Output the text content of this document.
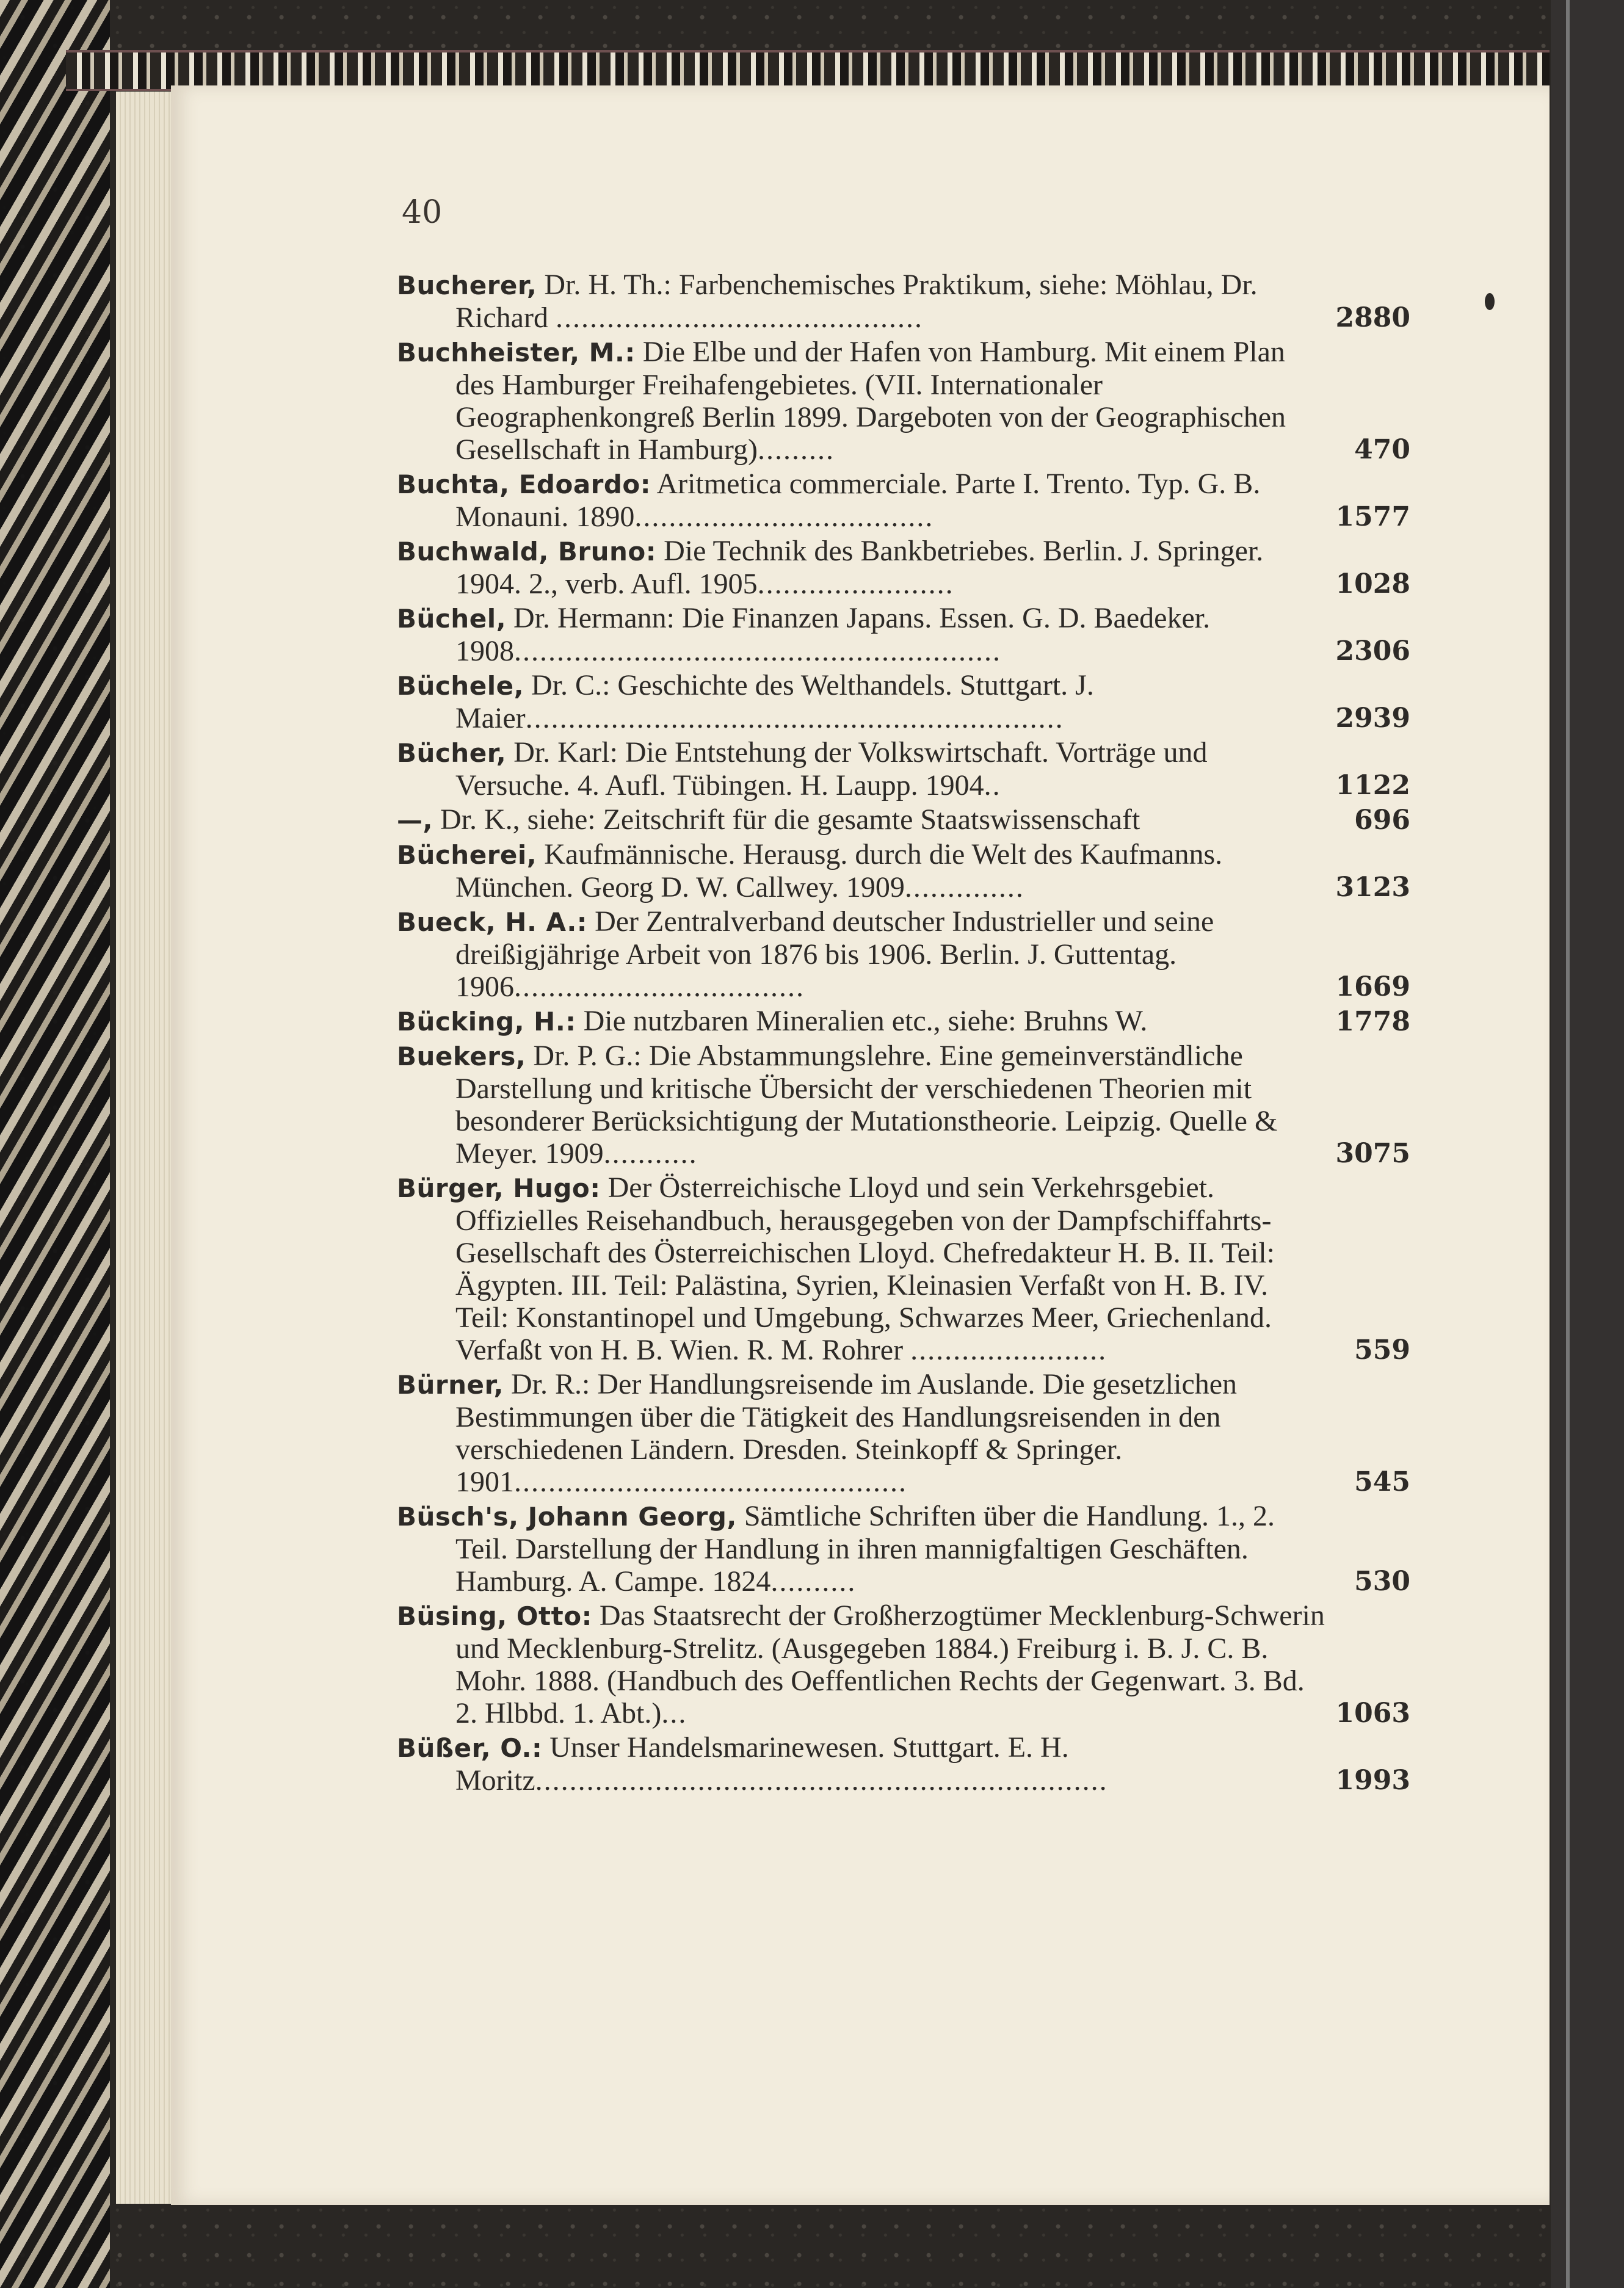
40
Bucherer, Dr. H. Th.: Farbenchemisches Praktikum, siehe: Möhlau, Dr. Richard ...........................................	2880
Buchheister, M.: Die Elbe und der Hafen von Hamburg. Mit einem Plan des Hamburger Freihafengebietes. (VII. Internationaler Geographenkongreß Berlin 1899. Dargeboten von der Geographischen Gesellschaft in Hamburg).........	470
Buchta, Edoardo: Aritmetica commerciale. Parte I. Trento. Typ. G. B. Monauni. 1890...................................	1577
Buchwald, Bruno: Die Technik des Bankbetriebes. Berlin. J. Springer. 1904. 2., verb. Aufl. 1905.......................	1028
Büchel, Dr. Hermann: Die Finanzen Japans. Essen. G. D. Baedeker. 1908.........................................................	2306
Büchele, Dr. C.: Geschichte des Welthandels. Stuttgart. J. Maier...............................................................	2939
Bücher, Dr. Karl: Die Entstehung der Volkswirtschaft. Vorträge und Versuche. 4. Aufl. Tübingen. H. Laupp. 1904..	1122
—, Dr. K., siehe: Zeitschrift für die gesamte Staatswissenschaft	696
Bücherei, Kaufmännische. Herausg. durch die Welt des Kaufmanns. München. Georg D. W. Callwey. 1909..............	3123
Bueck, H. A.: Der Zentralverband deutscher Industrieller und seine dreißigjährige Arbeit von 1876 bis 1906. Berlin. J. Guttentag. 1906..................................	1669
Bücking, H.: Die nutzbaren Mineralien etc., siehe: Bruhns W.	1778
Buekers, Dr. P. G.: Die Abstammungslehre. Eine gemeinverständliche Darstellung und kritische Übersicht der verschiedenen Theorien mit besonderer Berücksichtigung der Mutationstheorie. Leipzig. Quelle & Meyer. 1909...........	3075
Bürger, Hugo: Der Österreichische Lloyd und sein Verkehrsgebiet. Offizielles Reisehandbuch, herausgegeben von der Dampfschiffahrts-Gesellschaft des Österreichischen Lloyd. Chefredakteur H. B. II. Teil: Ägypten. III. Teil: Palästina, Syrien, Kleinasien Verfaßt von H. B. IV. Teil: Konstantinopel und Umgebung, Schwarzes Meer, Griechenland. Verfaßt von H. B. Wien. R. M. Rohrer .......................	559
Bürner, Dr. R.: Der Handlungsreisende im Auslande. Die gesetzlichen Bestimmungen über die Tätigkeit des Handlungsreisenden in den verschiedenen Ländern. Dresden. Steinkopff & Springer. 1901..............................................	545
Büsch's, Johann Georg, Sämtliche Schriften über die Handlung. 1., 2. Teil. Darstellung der Handlung in ihren mannigfaltigen Geschäften. Hamburg. A. Campe. 1824..........	530
Büsing, Otto: Das Staatsrecht der Großherzogtümer Mecklenburg-Schwerin und Mecklenburg-Strelitz. (Ausgegeben 1884.) Freiburg i. B. J. C. B. Mohr. 1888. (Handbuch des Oeffentlichen Rechts der Gegenwart. 3. Bd. 2. Hlbbd. 1. Abt.)...	1063
Büßer, O.: Unser Handelsmarinewesen. Stuttgart. E. H. Moritz...................................................................	1993
